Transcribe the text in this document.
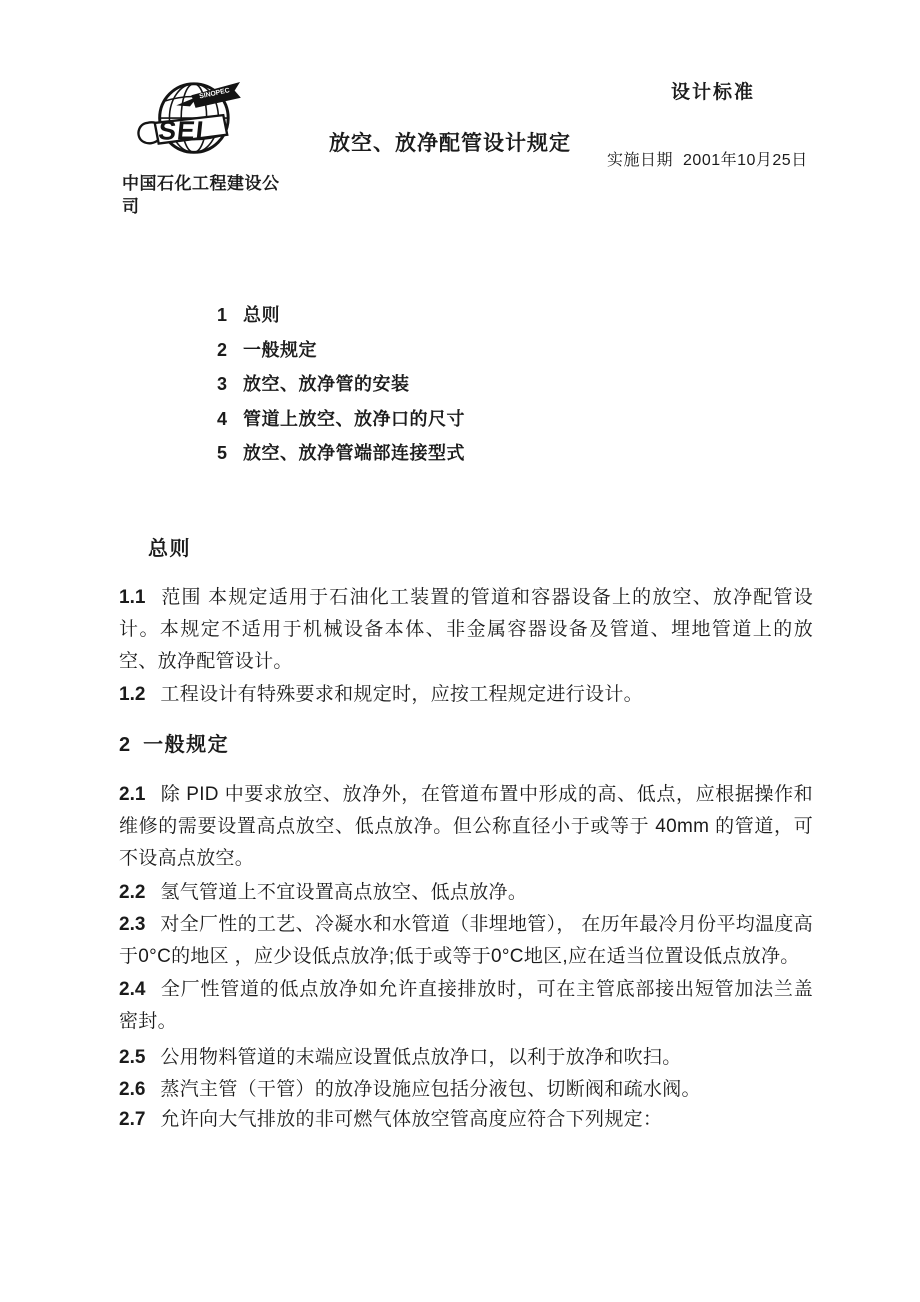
SINOPEC
SEI
中国石化工程建设公司
放空、放净配管设计规定
设计标准
实施日期 2001年10月25日
1 总则
2 一般规定
3 放空、放净管的安装
4 管道上放空、放净口的尺寸
5 放空、放净管端部连接型式
总则

1.1 范围 本规定适用于石油化工装置的管道和容器设备上的放空、放净配管设计。本规定不适用于机械设备本体、非金属容器设备及管道、埋地管道上的放空、放净配管设计。

1.2 工程设计有特殊要求和规定时，应按工程规定进行设计。

2 一般规定

2.1 除 PID 中要求放空、放净外，在管道布置中形成的高、低点，应根据操作和维修的需要设置高点放空、低点放净。但公称直径小于或等于 40mm 的管道，可不设高点放空。

2.2 氢气管道上不宜设置高点放空、低点放净。

2.3 对全厂性的工艺、冷凝水和水管道（非埋地管）， 在历年最冷月份平均温度高于0°C的地区 ，应少设低点放净;低于或等于0°C地区,应在适当位置设低点放净。

2.4 全厂性管道的低点放净如允许直接排放时，可在主管底部接出短管加法兰盖密封。

2.5 公用物料管道的末端应设置低点放净口，以利于放净和吹扫。

2.6 蒸汽主管（干管）的放净设施应包括分液包、切断阀和疏水阀。

2.7 允许向大气排放的非可燃气体放空管高度应符合下列规定：
